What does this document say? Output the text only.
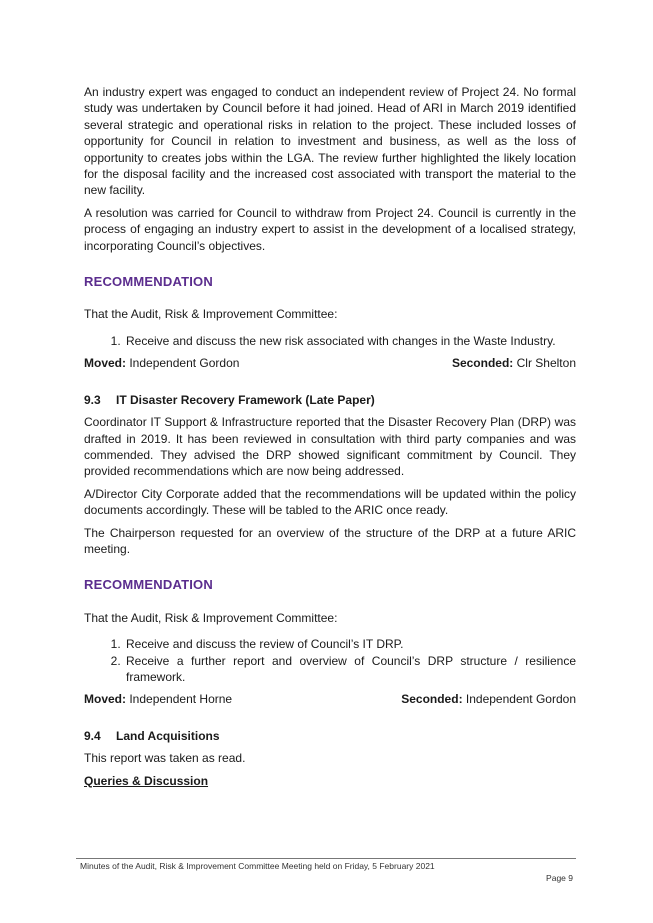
An industry expert was engaged to conduct an independent review of Project 24. No formal study was undertaken by Council before it had joined. Head of ARI in March 2019 identified several strategic and operational risks in relation to the project. These included losses of opportunity for Council in relation to investment and business, as well as the loss of opportunity to creates jobs within the LGA. The review further highlighted the likely location for the disposal facility and the increased cost associated with transport the material to the new facility.

A resolution was carried for Council to withdraw from Project 24. Council is currently in the process of engaging an industry expert to assist in the development of a localised strategy, incorporating Council’s objectives.

RECOMMENDATION

That the Audit, Risk & Improvement Committee:

1. Receive and discuss the new risk associated with changes in the Waste Industry.
Moved: Independent Gordon	Seconded: Clr Shelton
9.3	IT Disaster Recovery Framework (Late Paper)

Coordinator IT Support & Infrastructure reported that the Disaster Recovery Plan (DRP) was drafted in 2019. It has been reviewed in consultation with third party companies and was commended. They advised the DRP showed significant commitment by Council. They provided recommendations which are now being addressed.

A/Director City Corporate added that the recommendations will be updated within the policy documents accordingly. These will be tabled to the ARIC once ready.

The Chairperson requested for an overview of the structure of the DRP at a future ARIC meeting.

RECOMMENDATION

That the Audit, Risk & Improvement Committee:

1. Receive and discuss the review of Council’s IT DRP.
2. Receive a further report and overview of Council’s DRP structure / resilience framework.
Moved: Independent Horne	Seconded: Independent Gordon
9.4	Land Acquisitions

This report was taken as read.

Queries & Discussion
Minutes of the Audit, Risk & Improvement Committee Meeting held on Friday, 5 February 2021
Page 9
